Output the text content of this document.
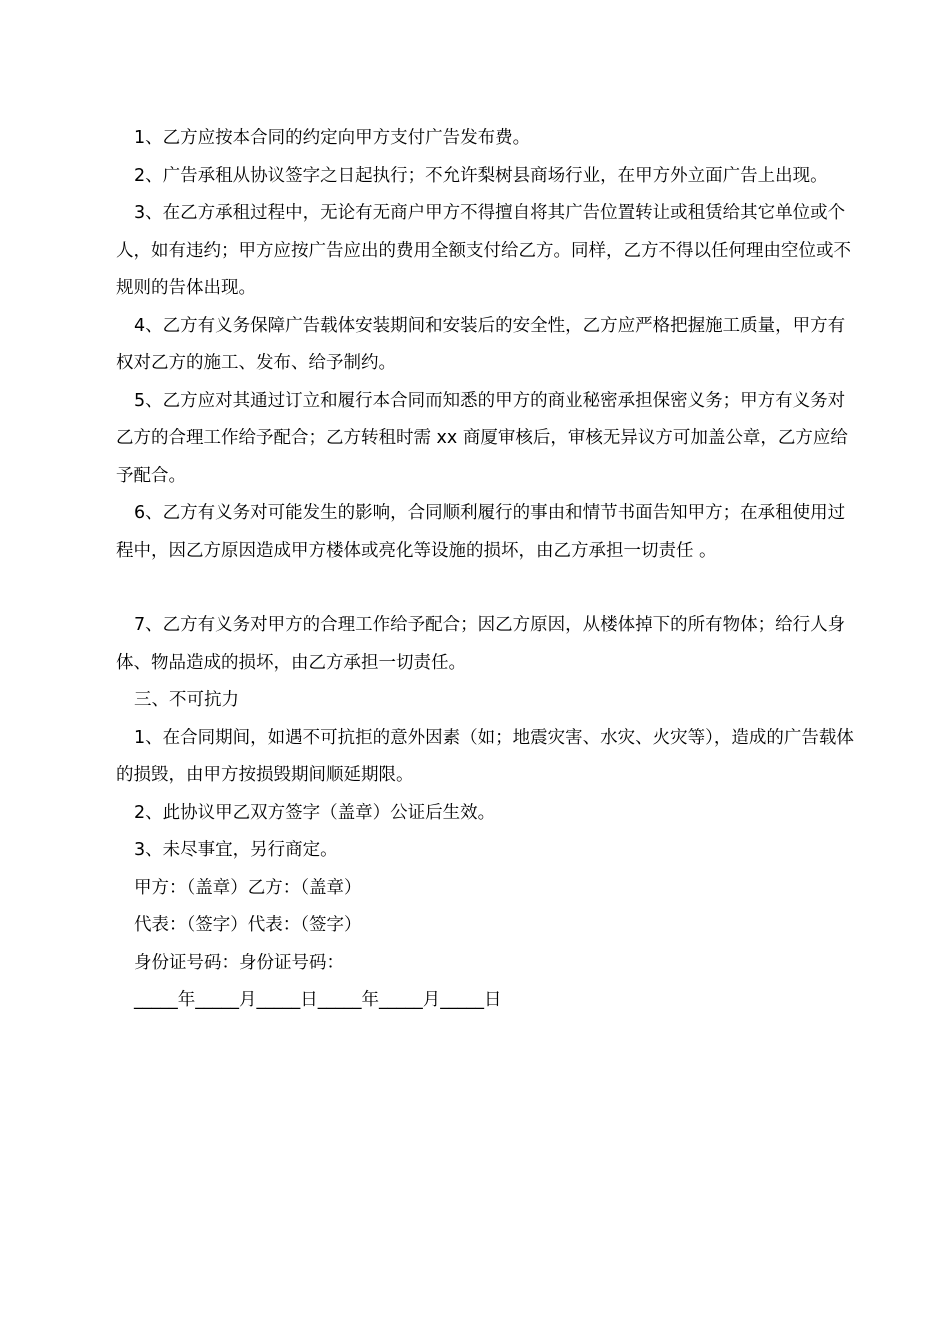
1、乙方应按本合同的约定向甲方支付广告发布费。

2、广告承租从协议签字之日起执行；不允许梨树县商场行业，在甲方外立面广告上出现。

3、在乙方承租过程中，无论有无商户甲方不得擅自将其广告位置转让或租赁给其它单位或个人，如有违约；甲方应按广告应出的费用全额支付给乙方。同样，乙方不得以任何理由空位或不规则的告体出现。

4、乙方有义务保障广告载体安装期间和安装后的安全性，乙方应严格把握施工质量，甲方有权对乙方的施工、发布、给予制约。

5、乙方应对其通过订立和履行本合同而知悉的甲方的商业秘密承担保密义务；甲方有义务对乙方的合理工作给予配合；乙方转租时需 xx 商厦审核后，审核无异议方可加盖公章，乙方应给予配合。

6、乙方有义务对可能发生的影响，合同顺利履行的事由和情节书面告知甲方；在承租使用过程中，因乙方原因造成甲方楼体或亮化等设施的损坏，由乙方承担一切责任 。

7、乙方有义务对甲方的合理工作给予配合；因乙方原因，从楼体掉下的所有物体；给行人身体、物品造成的损坏，由乙方承担一切责任。

三、不可抗力

1、在合同期间，如遇不可抗拒的意外因素（如；地震灾害、水灾、火灾等），造成的广告载体的损毁，由甲方按损毁期间顺延期限。

2、此协议甲乙双方签字（盖章）公证后生效。

3、未尽事宜，另行商定。

甲方：（盖章）乙方：（盖章）

代表：（签字）代表：（签字）

身份证号码：身份证号码：

_____年_____月_____日_____年_____月_____日
